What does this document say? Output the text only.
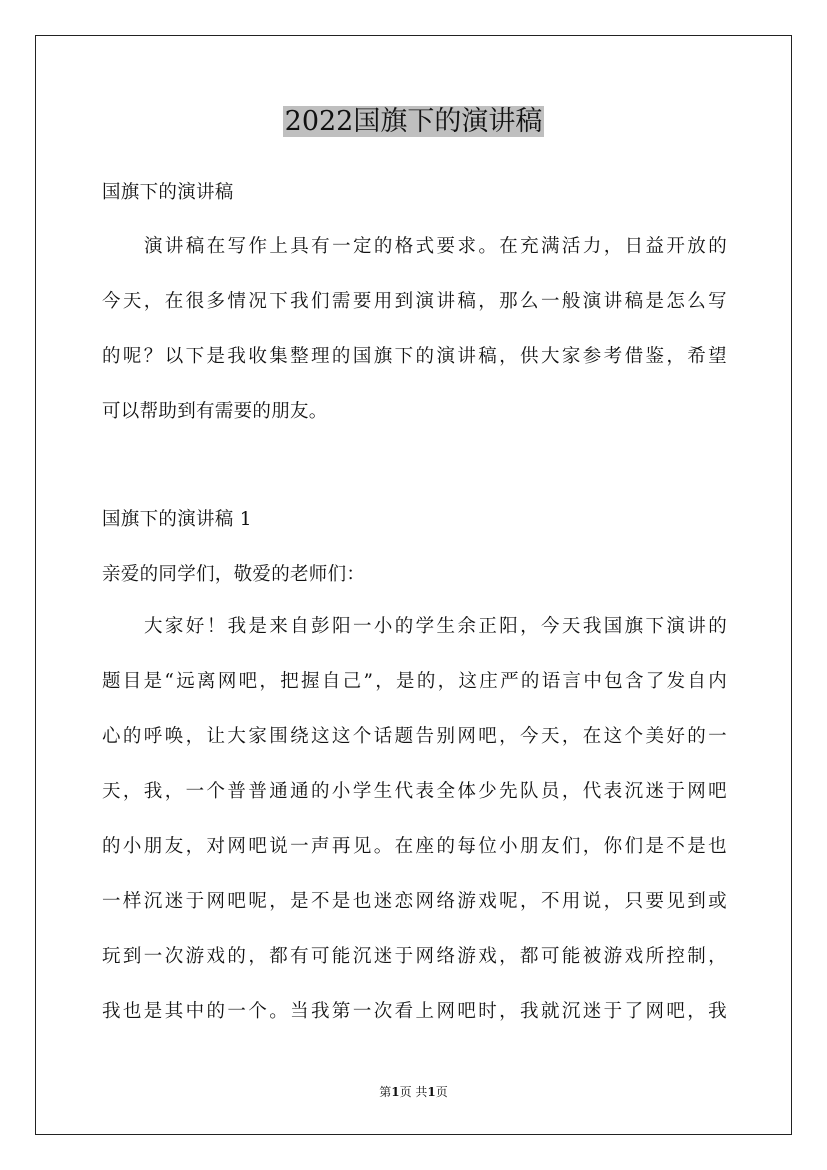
2022国旗下的演讲稿
国旗下的演讲稿
演讲稿在写作上具有一定的格式要求。在充满活力，日益开放的
今天，在很多情况下我们需要用到演讲稿，那么一般演讲稿是怎么写
的呢？以下是我收集整理的国旗下的演讲稿，供大家参考借鉴，希望
可以帮助到有需要的朋友。
国旗下的演讲稿 1
亲爱的同学们，敬爱的老师们：
大家好！我是来自彭阳一小的学生余正阳，今天我国旗下演讲的
题目是“远离网吧，把握自己”，是的，这庄严的语言中包含了发自内
心的呼唤，让大家围绕这这个话题告别网吧，今天，在这个美好的一
天，我，一个普普通通的小学生代表全体少先队员，代表沉迷于网吧
的小朋友，对网吧说一声再见。在座的每位小朋友们，你们是不是也
一样沉迷于网吧呢，是不是也迷恋网络游戏呢，不用说，只要见到或
玩到一次游戏的，都有可能沉迷于网络游戏，都可能被游戏所控制，
我也是其中的一个。当我第一次看上网吧时，我就沉迷于了网吧，我
第1页 共1页
